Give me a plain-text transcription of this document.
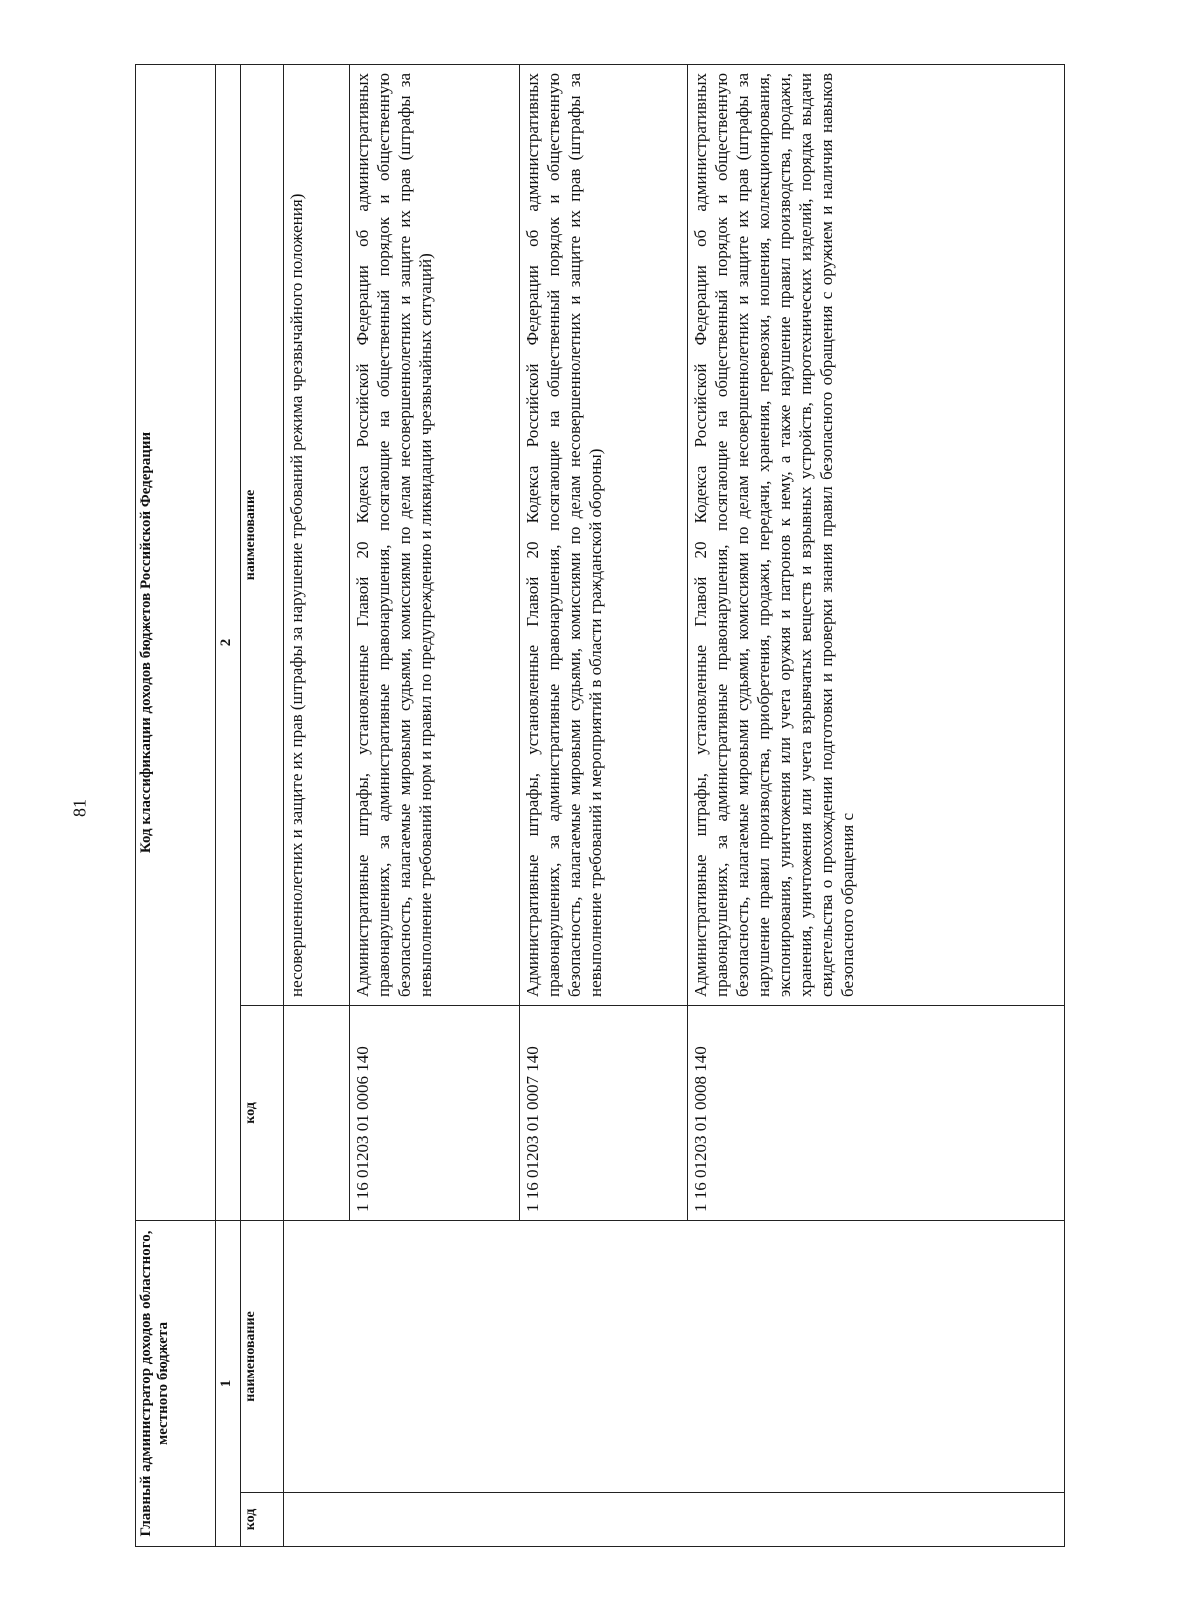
81
Главный администратор доходов областного, местного бюджета		Код классификации доходов бюджетов Российской Федерации	
1		2	
код	наименование	код	наименование
			несовершеннолетних и защите их прав (штрафы за нарушение требований режима чрезвычайного положения)
		1 16 01203 01 0006 140	Административные штрафы, установленные Главой 20 Кодекса Российской Федерации об административных правонарушениях, за административные правонарушения, посягающие на общественный порядок и общественную безопасность, налагаемые мировыми судьями, комиссиями по делам несовершеннолетних и защите их прав (штрафы за невыполнение требований норм и правил по предупреждению и ликвидации чрезвычайных ситуаций)
		1 16 01203 01 0007 140	Административные штрафы, установленные Главой 20 Кодекса Российской Федерации об административных правонарушениях, за административные правонарушения, посягающие на общественный порядок и общественную безопасность, налагаемые мировыми судьями, комиссиями по делам несовершеннолетних и защите их прав (штрафы за невыполнение требований и мероприятий в области гражданской обороны)
		1 16 01203 01 0008 140	Административные штрафы, установленные Главой 20 Кодекса Российской Федерации об административных правонарушениях, за административные правонарушения, посягающие на общественный порядок и общественную безопасность, налагаемые мировыми судьями, комиссиями по делам несовершеннолетних и защите их прав (штрафы за нарушение правил производства, приобретения, продажи, передачи, хранения, перевозки, ношения, коллекционирования, экспонирования, уничтожения или учета оружия и патронов к нему, а также нарушение правил производства, продажи, хранения, уничтожения или учета взрывчатых веществ и взрывных устройств, пиротехнических изделий, порядка выдачи свидетельства о прохождении подготовки и проверки знания правил безопасного обращения с оружием и наличия навыков безопасного обращения с
